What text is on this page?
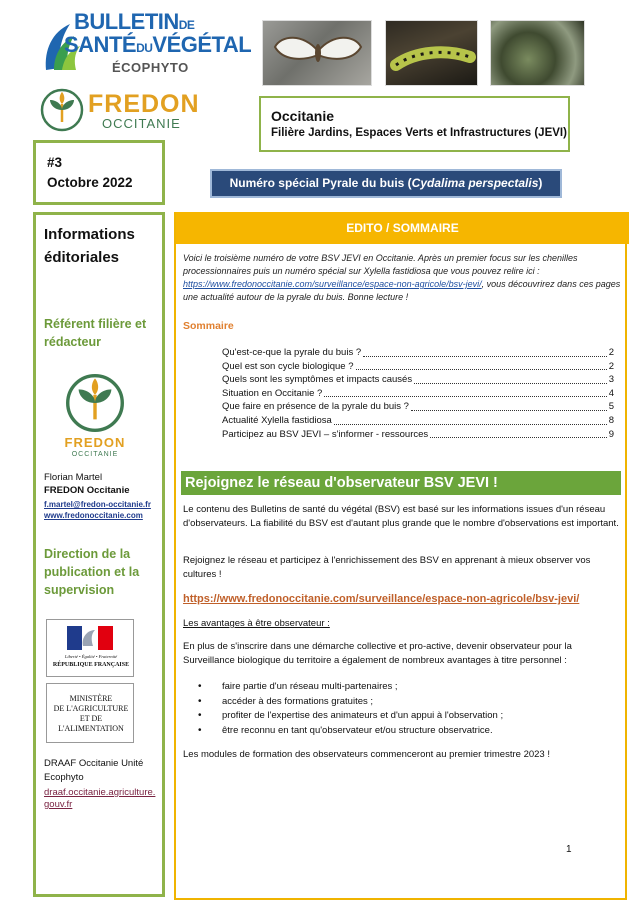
BULLETINDE
SANTÉDUVÉGÉTAL
ÉCOPHYTO
FREDON
OCCITANIE	Occitanie
Filière Jardins, Espaces Verts et Infrastructures (JEVI)
#3
Octobre 2022	Numéro spécial Pyrale du buis (Cydalima perspectalis)
Informations
éditoriales
Référent filière et
rédacteur
FREDON
OCCITANIE
Florian Martel
FREDON Occitanie
f.martel@fredon-occitanie.fr
www.fredonoccitanie.com
Direction de la
publication et la
supervision
Liberté • Égalité • Fraternité
RÉPUBLIQUE FRANÇAISE
MINISTÈRE
DE L'AGRICULTURE
ET DE
L'ALIMENTATION
DRAAF Occitanie Unité
Ecophyto
draaf.occitanie.agriculture.gouv.fr
EDITO / SOMMAIRE
Voici le troisième numéro de votre BSV JEVI en Occitanie. Après un premier focus sur les chenilles processionnaires puis un numéro spécial sur Xylella fastidiosa que vous pouvez relire ici : https://www.fredonoccitanie.com/surveillance/espace-non-agricole/bsv-jevi/, vous découvrirez dans ces pages une actualité autour de la pyrale du buis. Bonne lecture !
Sommaire
Qu'est-ce-que la pyrale du buis ?	2
Quel est son cycle biologique ?	2
Quels sont les symptômes et impacts causés	3
Situation en Occitanie ?	4
Que faire en présence de la pyrale du buis ?	5
Actualité Xylella fastidiosa	8
Participez au BSV JEVI – s'informer - ressources	9
Rejoignez le réseau d'observateur BSV JEVI !
Le contenu des Bulletins de santé du végétal (BSV) est basé sur les informations issues d'un réseau d'observateurs. La fiabilité du BSV est d'autant plus grande que le nombre d'observations est important.
Rejoignez le réseau et participez à l'enrichissement des BSV en apprenant à mieux observer vos cultures !
https://www.fredonoccitanie.com/surveillance/espace-non-agricole/bsv-jevi/
Les avantages à être observateur :
En plus de s'inscrire dans une démarche collective et pro-active, devenir observateur pour la Surveillance biologique du territoire a également de nombreux avantages à titre personnel :
•	faire partie d'un réseau multi-partenaires ;
•	accéder à des formations gratuites ;
•	profiter de l'expertise des animateurs et d'un appui à l'observation ;
•	être reconnu en tant qu'observateur et/ou structure observatrice.
Les modules de formation des observateurs commenceront au premier trimestre 2023 !
1
